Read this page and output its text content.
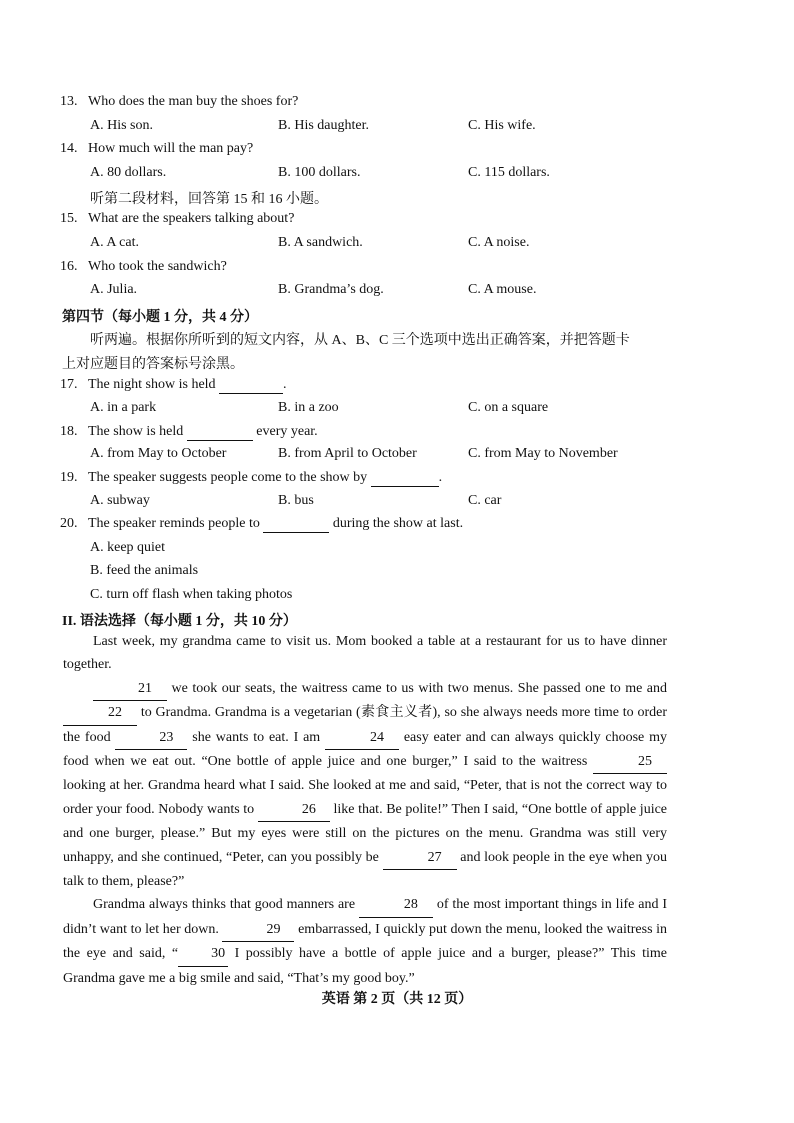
13. Who does the man buy the shoes for?
A. His son.	B. His daughter.	C. His wife.
14. How much will the man pay?
A. 80 dollars.	B. 100 dollars.	C. 115 dollars.
听第二段材料，回答第 15 和 16 小题。
15. What are the speakers talking about?
A. A cat.	B. A sandwich.	C. A noise.
16. Who took the sandwich?
A. Julia.	B. Grandma’s dog.	C. A mouse.
第四节（每小题 1 分，共 4 分）
听两遍。根据你所听到的短文内容，从 A、B、C 三个选项中选出正确答案，并把答题卡
上对应题目的答案标号涂黑。
17. The night show is held	.
A. in a park	B. in a zoo	C. on a square
18. The show is held	every year.
A. from May to October	B. from April to October	C. from May to November
19. The speaker suggests people come to the show by	.
A. subway	B. bus	C. car
20. The speaker reminds people to	during the show at last.
A. keep quiet
B. feed the animals
C. turn off flash when taking photos
II. 语法选择（每小题 1 分，共 10 分）

Last week, my grandma came to visit us. Mom booked a table at a restaurant for us to have dinner together.

21 we took our seats, the waitress came to us with two menus. She passed one to me and 22 to Grandma. Grandma is a vegetarian (素食主义者), so she always needs more time to order the food	23 she wants to eat. I am	24 easy eater and can always quickly choose my food when we eat out. “One bottle of apple juice and one burger,” I said to the waitress	25 looking at her. Grandma heard what I said. She looked at me and said, “Peter, that is not the correct way to order your food. Nobody wants to	26 like that. Be polite!” Then I said, “One bottle of apple juice and one burger, please.” But my eyes were still on the pictures on the menu. Grandma was still very unhappy, and she continued, “Peter, can you possibly be	27 and look people in the eye when you talk to them, please?”

Grandma always thinks that good manners are	28 of the most important things in life and I didn’t want to let her down.	29 embarrassed, I quickly put down the menu, looked the waitress in the eye and said, “ 30 I possibly have a bottle of apple juice and a burger, please?” This time Grandma gave me a big smile and said, “That’s my good boy.”

英语 第 2 页（共 12 页）
